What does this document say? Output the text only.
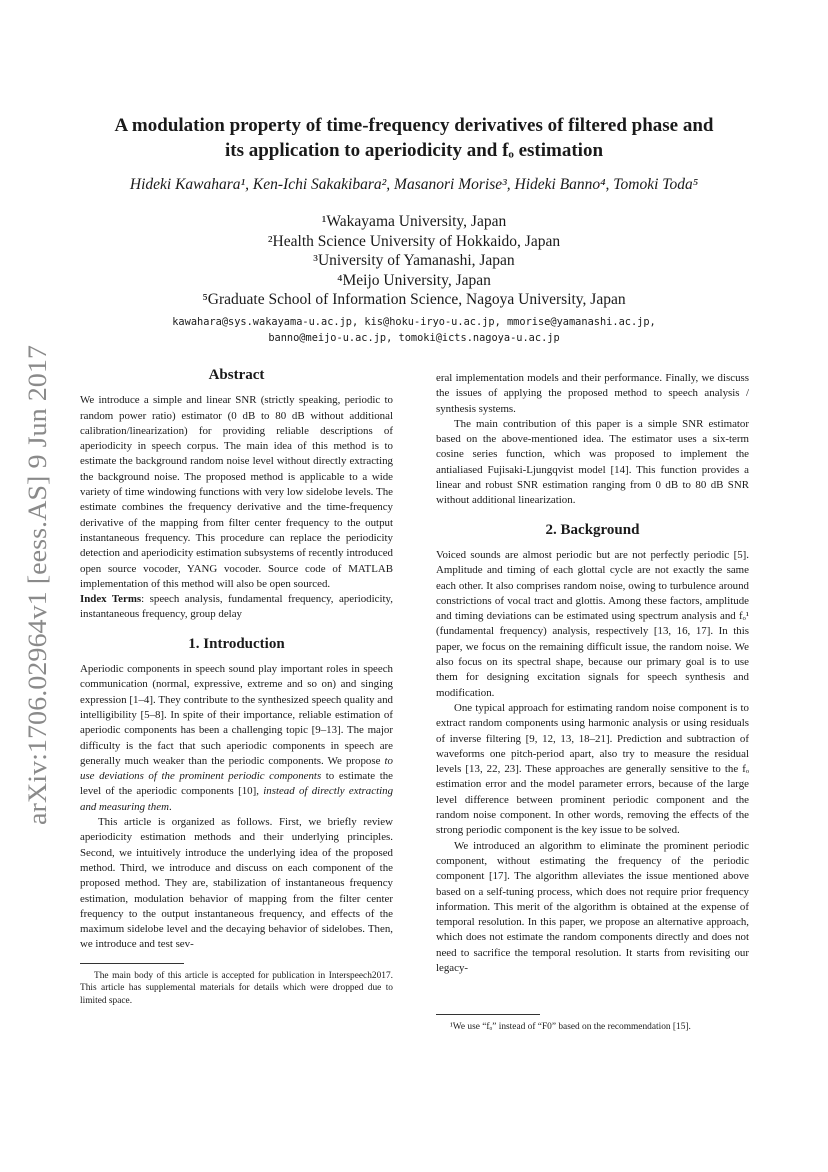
arXiv:1706.02964v1 [eess.AS] 9 Jun 2017
A modulation property of time-frequency derivatives of filtered phase and
its application to aperiodicity and fₒ estimation
Hideki Kawahara¹, Ken-Ichi Sakakibara², Masanori Morise³, Hideki Banno⁴, Tomoki Toda⁵
¹Wakayama University, Japan
²Health Science University of Hokkaido, Japan
³University of Yamanashi, Japan
⁴Meijo University, Japan
⁵Graduate School of Information Science, Nagoya University, Japan
kawahara@sys.wakayama-u.ac.jp, kis@hoku-iryo-u.ac.jp, mmorise@yamanashi.ac.jp,
banno@meijo-u.ac.jp, tomoki@icts.nagoya-u.ac.jp
Abstract

We introduce a simple and linear SNR (strictly speaking, periodic to random power ratio) estimator (0 dB to 80 dB without additional calibration/linearization) for providing reliable descriptions of aperiodicity in speech corpus. The main idea of this method is to estimate the background random noise level without directly extracting the background noise. The proposed method is applicable to a wide variety of time windowing functions with very low sidelobe levels. The estimate combines the frequency derivative and the time-frequency derivative of the mapping from filter center frequency to the output instantaneous frequency. This procedure can replace the periodicity detection and aperiodicity estimation subsystems of recently introduced open source vocoder, YANG vocoder. Source code of MATLAB implementation of this method will also be open sourced.

Index Terms: speech analysis, fundamental frequency, aperiodicity, instantaneous frequency, group delay

1. Introduction

Aperiodic components in speech sound play important roles in speech communication (normal, expressive, extreme and so on) and singing expression [1–4]. They contribute to the synthesized speech quality and intelligibility [5–8]. In spite of their importance, reliable estimation of aperiodic components has been a challenging topic [9–13]. The major difficulty is the fact that such aperiodic components in speech are generally much weaker than the periodic components. We propose to use deviations of the prominent periodic components to estimate the level of the aperiodic components [10], instead of directly extracting and measuring them.

This article is organized as follows. First, we briefly review aperiodicity estimation methods and their underlying principles. Second, we intuitively introduce the underlying idea of the proposed method. Third, we introduce and discuss on each component of the proposed method. They are, stabilization of instantaneous frequency estimation, modulation behavior of mapping from the filter center frequency to the output instantaneous frequency, and effects of the maximum sidelobe level and the decaying behavior of sidelobes. Then, we introduce and test sev-

The main body of this article is accepted for publication in Interspeech2017. This article has supplemental materials for details which were dropped due to limited space.

eral implementation models and their performance. Finally, we discuss the issues of applying the proposed method to speech analysis / synthesis systems.

The main contribution of this paper is a simple SNR estimator based on the above-mentioned idea. The estimator uses a six-term cosine series function, which was proposed to implement the antialiased Fujisaki-Ljungqvist model [14]. This function provides a linear and robust SNR estimation ranging from 0 dB to 80 dB SNR without additional linearization.

2. Background

Voiced sounds are almost periodic but are not perfectly periodic [5]. Amplitude and timing of each glottal cycle are not exactly the same each other. It also comprises random noise, owing to turbulence around constrictions of vocal tract and glottis. Among these factors, amplitude and timing deviations can be estimated using spectrum analysis and fₒ¹ (fundamental frequency) analysis, respectively [13, 16, 17]. In this paper, we focus on the remaining difficult issue, the random noise. We also focus on its spectral shape, because our primary goal is to use them for designing excitation signals for speech synthesis and modification.

One typical approach for estimating random noise component is to extract random components using harmonic analysis or using residuals of inverse filtering [9, 12, 13, 18–21]. Prediction and subtraction of waveforms one pitch-period apart, also try to measure the residual levels [13, 22, 23]. These approaches are generally sensitive to the fₒ estimation error and the model parameter errors, because of the large level difference between prominent periodic component and the random noise component. In other words, removing the effects of the strong periodic component is the key issue to be solved.

We introduced an algorithm to eliminate the prominent periodic component, without estimating the frequency of the periodic component [17]. The algorithm alleviates the issue mentioned above based on a self-tuning process, which does not require prior frequency information. This merit of the algorithm is obtained at the expense of temporal resolution. In this paper, we propose an alternative approach, which does not estimate the random components directly and does not need to sacrifice the temporal resolution. It starts from revisiting our legacy-

¹We use “fₒ” instead of “F0” based on the recommendation [15].
